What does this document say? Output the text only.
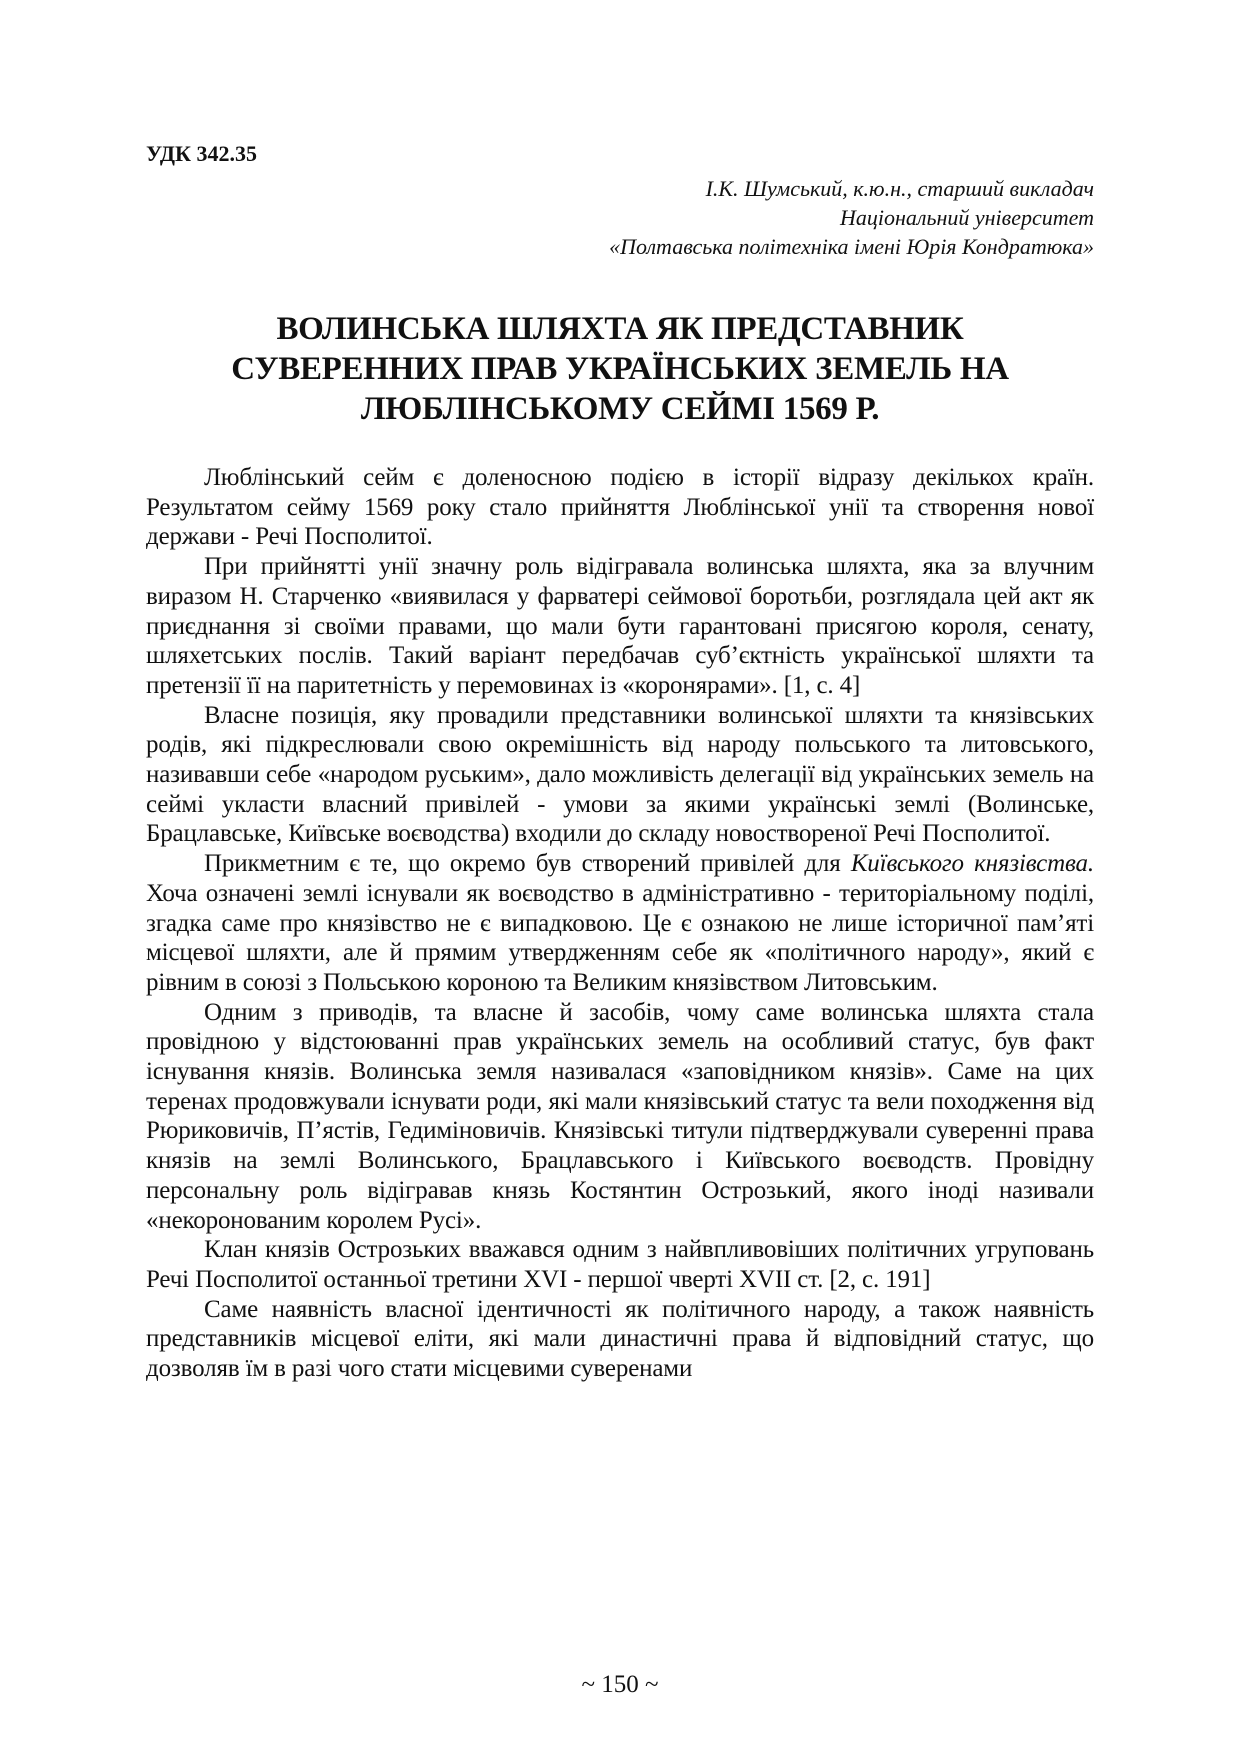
УДК 342.35
І.К. Шумський, к.ю.н., старший викладач
Національний університет
«Полтавська політехніка імені Юрія Кондратюка»
ВОЛИНСЬКА ШЛЯХТА ЯК ПРЕДСТАВНИК
СУВЕРЕННИХ ПРАВ УКРАЇНСЬКИХ ЗЕМЕЛЬ НА
ЛЮБЛІНСЬКОМУ СЕЙМІ 1569 Р.

Люблінський сейм є доленосною подією в історії відразу декількох країн. Результатом сейму 1569 року стало прийняття Люблінської унії та створення нової держави - Речі Посполитої.

При прийнятті унії значну роль відігравала волинська шляхта, яка за влучним виразом Н. Старченко «виявилася у фарватері сеймової боротьби, розглядала цей акт як приєднання зі своїми правами, що мали бути гарантовані присягою короля, сенату, шляхетських послів. Такий варіант передбачав суб’єктність української шляхти та претензії її на паритетність у перемовинах із «коронярами». [1, с. 4]

Власне позиція, яку провадили представники волинської шляхти та князівських родів, які підкреслювали свою окремішність від народу польського та литовського, називавши себе «народом руським», дало можливість делегації від українських земель на сеймі укласти власний привілей - умови за якими українські землі (Волинське, Брацлавське, Київське воєводства) входили до складу новоствореної Речі Посполитої.

Прикметним є те, що окремо був створений привілей для Київського князівства. Хоча означені землі існували як воєводство в адміністративно - територіальному поділі, згадка саме про князівство не є випадковою. Це є ознакою не лише історичної пам’яті місцевої шляхти, але й прямим утвердженням себе як «політичного народу», який є рівним в союзі з Польською короною та Великим князівством Литовським.

Одним з приводів, та власне й засобів, чому саме волинська шляхта стала провідною у відстоюванні прав українських земель на особливий статус, був факт існування князів. Волинська земля називалася «заповідником князів». Саме на цих теренах продовжували існувати роди, які мали князівський статус та вели походження від Рюриковичів, П’ястів, Гедиміновичів. Князівські титули підтверджували суверенні права князів на землі Волинського, Брацлавського і Київського воєводств. Провідну персональну роль відігравав князь Костянтин Острозький, якого іноді називали «некоронованим королем Русі».

Клан князів Острозьких вважався одним з найвпливовіших політичних угруповань Речі Посполитої останньої третини XVI - першої чверті XVII ст. [2, с. 191]

Саме наявність власної ідентичності як політичного народу, а також наявність представників місцевої еліти, які мали династичні права й відповідний статус, що дозволяв їм в разі чого стати місцевими суверенами

~ 150 ~
